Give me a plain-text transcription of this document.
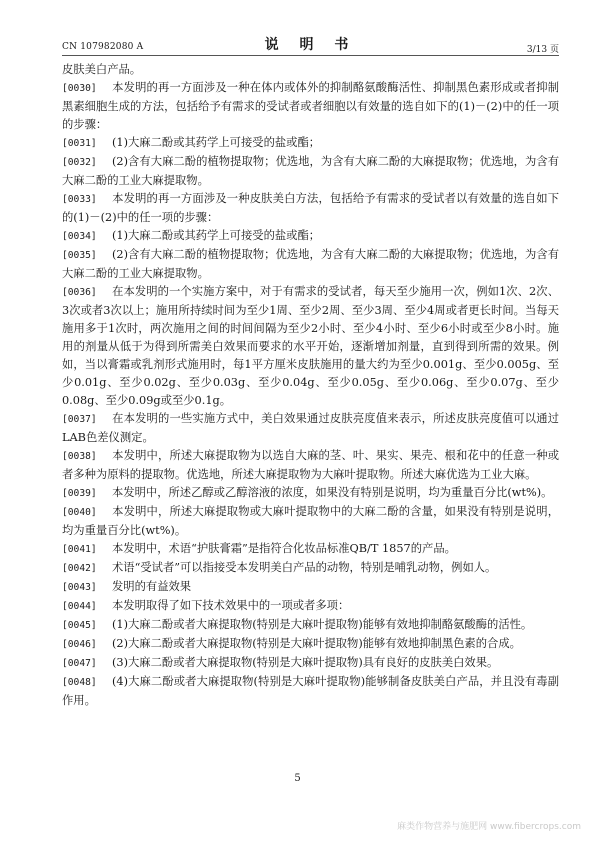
CN 107982080 A	说 明 书	3/13 页

皮肤美白产品。

[0030] 本发明的再一方面涉及一种在体内或体外的抑制酪氨酸酶活性、抑制黑色素形成或者抑制黑素细胞生成的方法，包括给予有需求的受试者或者细胞以有效量的选自如下的(1)－(2)中的任一项的步骤：

[0031] (1)大麻二酚或其药学上可接受的盐或酯；

[0032] (2)含有大麻二酚的植物提取物；优选地，为含有大麻二酚的大麻提取物；优选地，为含有大麻二酚的工业大麻提取物。

[0033] 本发明的再一方面涉及一种皮肤美白方法，包括给予有需求的受试者以有效量的选自如下的(1)－(2)中的任一项的步骤：

[0034] (1)大麻二酚或其药学上可接受的盐或酯；

[0035] (2)含有大麻二酚的植物提取物；优选地，为含有大麻二酚的大麻提取物；优选地，为含有大麻二酚的工业大麻提取物。

[0036] 在本发明的一个实施方案中，对于有需求的受试者，每天至少施用一次，例如1次、2次、3次或者3次以上；施用所持续时间为至少1周、至少2周、至少3周、至少4周或者更长时间。当每天施用多于1次时，两次施用之间的时间间隔为至少2小时、至少4小时、至少6小时或至少8小时。施用的剂量从低于为得到所需美白效果而要求的水平开始，逐渐增加剂量，直到得到所需的效果。例如，当以膏霜或乳剂形式施用时，每1平方厘米皮肤施用的量大约为至少0.001g、至少0.005g、至少0.01g、至少0.02g、至少0.03g、至少0.04g、至少0.05g、至少0.06g、至少0.07g、至少0.08g、至少0.09g或至少0.1g。

[0037] 在本发明的一些实施方式中，美白效果通过皮肤亮度值来表示，所述皮肤亮度值可以通过LAB色差仪测定。

[0038] 本发明中，所述大麻提取物为以选自大麻的茎、叶、果实、果壳、根和花中的任意一种或者多种为原料的提取物。优选地，所述大麻提取物为大麻叶提取物。所述大麻优选为工业大麻。

[0039] 本发明中，所述乙醇或乙醇溶液的浓度，如果没有特别是说明，均为重量百分比(wt%)。

[0040] 本发明中，所述大麻提取物或大麻叶提取物中的大麻二酚的含量，如果没有特别是说明，均为重量百分比(wt%)。

[0041] 本发明中，术语“护肤膏霜”是指符合化妆品标准QB/T 1857的产品。

[0042] 术语“受试者”可以指接受本发明美白产品的动物，特别是哺乳动物，例如人。

[0043] 发明的有益效果

[0044] 本发明取得了如下技术效果中的一项或者多项：

[0045] (1)大麻二酚或者大麻提取物(特别是大麻叶提取物)能够有效地抑制酪氨酸酶的活性。

[0046] (2)大麻二酚或者大麻提取物(特别是大麻叶提取物)能够有效地抑制黑色素的合成。

[0047] (3)大麻二酚或者大麻提取物(特别是大麻叶提取物)具有良好的皮肤美白效果。

[0048] (4)大麻二酚或者大麻提取物(特别是大麻叶提取物)能够制备皮肤美白产品，并且没有毒副作用。

5
麻类作物营养与施肥网 www.fibercrops.com
